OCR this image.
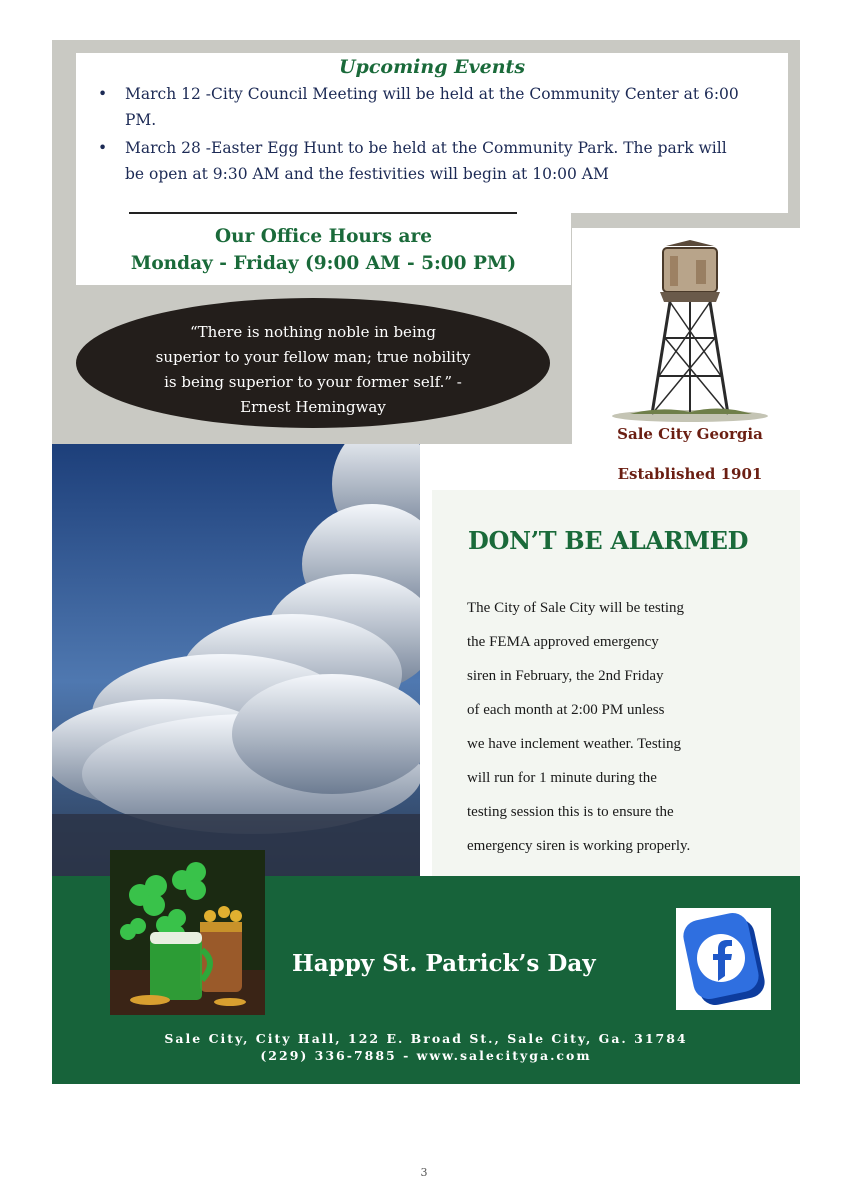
Upcoming Events
•	March 12 -City Council Meeting will be held at the Community Center at 6:00
PM.
•	March 28 -Easter Egg Hunt to be held at the Community Park. The park will
be open at 9:30 AM and the festivities will begin at 10:00 AM
Our Office Hours are
Monday - Friday (9:00 AM - 5:00 PM)
“There is nothing noble in being
superior to your fellow man; true nobility
is being superior to your former self.” -
Ernest Hemingway
Sale City Georgia
Established 1901
DON’T BE ALARMED
The City of Sale City will be testing
the FEMA approved emergency
siren in February, the 2nd Friday
of each month at 2:00 PM unless
we have inclement weather. Testing
will run for 1 minute during the
testing session this is to ensure the
emergency siren is working properly.
Happy St. Patrick’s Day
Sale City, City Hall, 122 E. Broad St., Sale City, Ga. 31784
(229) 336-7885 - www.salecityga.com
3
